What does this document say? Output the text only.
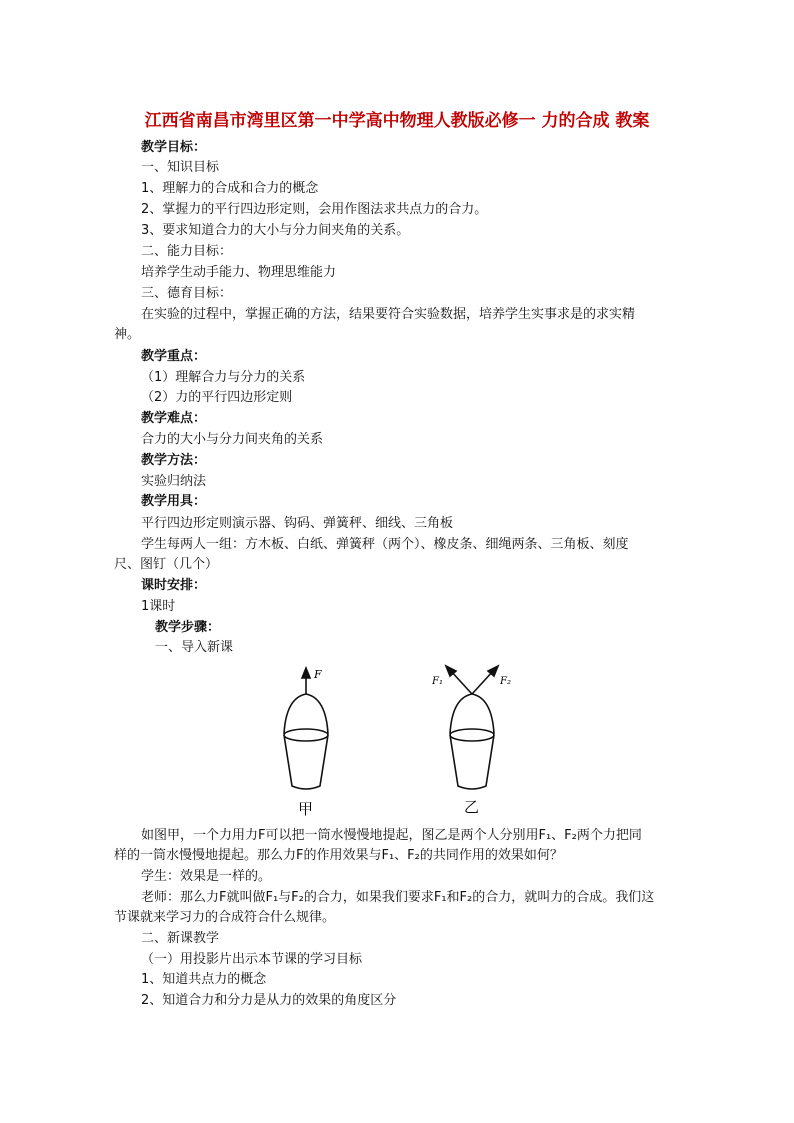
江西省南昌市湾里区第一中学高中物理人教版必修一 力的合成 教案
教学目标：
一、知识目标
1、理解力的合成和合力的概念
2、掌握力的平行四边形定则，会用作图法求共点力的合力。
3、要求知道合力的大小与分力间夹角的关系。
二、能力目标：
培养学生动手能力、物理思维能力
三、德育目标：
在实验的过程中，掌握正确的方法，结果要符合实验数据，培养学生实事求是的求实精
神。
教学重点：
（1）理解合力与分力的关系
（2）力的平行四边形定则
教学难点：
合力的大小与分力间夹角的关系
教学方法：
实验归纳法
教学用具：
平行四边形定则演示器、钩码、弹簧秤、细线、三角板
学生每两人一组：方木板、白纸、弹簧秤（两个）、橡皮条、细绳两条、三角板、刻度
尺、图钉（几个）
课时安排：
1课时
教学步骤：
一、导入新课
F
甲
F₁	F₂
乙
如图甲，一个力用力F可以把一筒水慢慢地提起，图乙是两个人分别用F₁、F₂两个力把同
样的一筒水慢慢地提起。那么力F的作用效果与F₁、F₂的共同作用的效果如何？
学生：效果是一样的。
老师：那么力F就叫做F₁与F₂的合力，如果我们要求F₁和F₂的合力，就叫力的合成。我们这
节课就来学习力的合成符合什么规律。
二、新课教学
（一）用投影片出示本节课的学习目标
1、知道共点力的概念
2、知道合力和分力是从力的效果的角度区分
